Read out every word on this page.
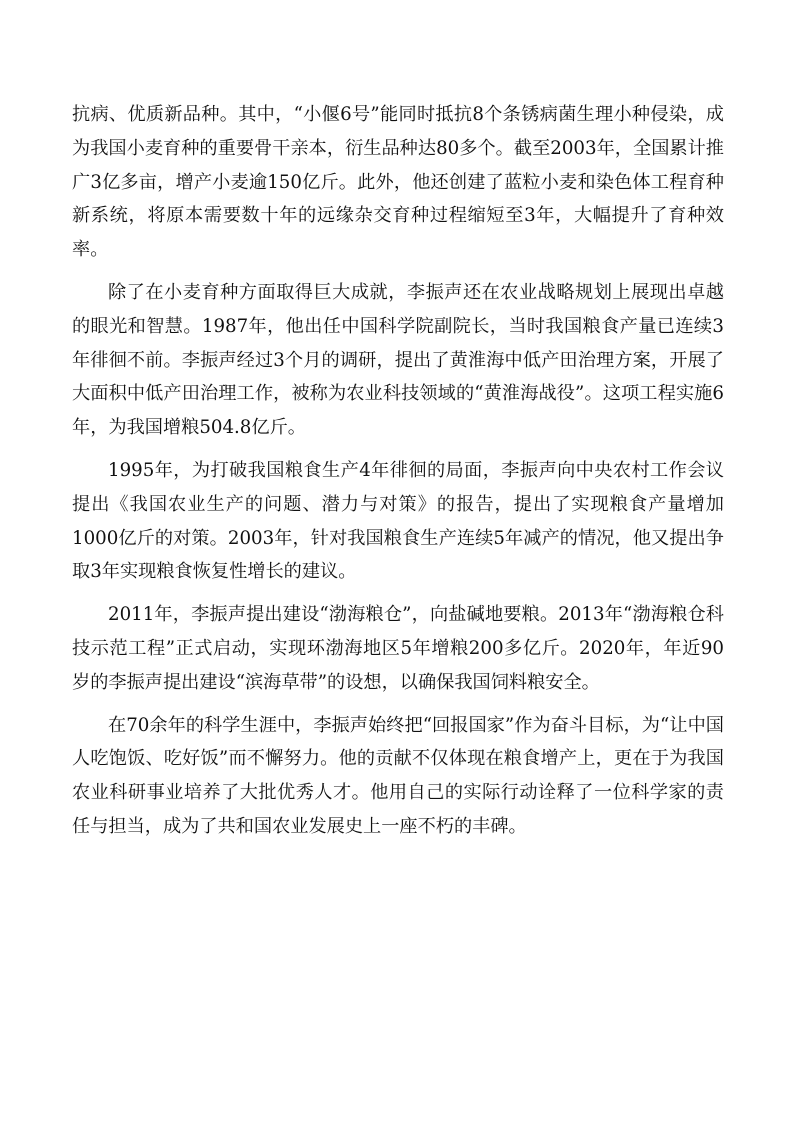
抗病、优质新品种。其中，“小偃6号”能同时抵抗8个条锈病菌生理小种侵染，成为我国小麦育种的重要骨干亲本，衍生品种达80多个。截至2003年，全国累计推广3亿多亩，增产小麦逾150亿斤。此外，他还创建了蓝粒小麦和染色体工程育种新系统，将原本需要数十年的远缘杂交育种过程缩短至3年，大幅提升了育种效率。

除了在小麦育种方面取得巨大成就，李振声还在农业战略规划上展现出卓越的眼光和智慧。1987年，他出任中国科学院副院长，当时我国粮食产量已连续3年徘徊不前。李振声经过3个月的调研，提出了黄淮海中低产田治理方案，开展了大面积中低产田治理工作，被称为农业科技领域的“黄淮海战役”。这项工程实施6年，为我国增粮504.8亿斤。

1995年，为打破我国粮食生产4年徘徊的局面，李振声向中央农村工作会议提出《我国农业生产的问题、潜力与对策》的报告，提出了实现粮食产量增加1000亿斤的对策。2003年，针对我国粮食生产连续5年减产的情况，他又提出争取3年实现粮食恢复性增长的建议。

2011年，李振声提出建设“渤海粮仓”，向盐碱地要粮。2013年“渤海粮仓科技示范工程”正式启动，实现环渤海地区5年增粮200多亿斤。2020年，年近90岁的李振声提出建设“滨海草带”的设想，以确保我国饲料粮安全。

在70余年的科学生涯中，李振声始终把“回报国家”作为奋斗目标，为“让中国人吃饱饭、吃好饭”而不懈努力。他的贡献不仅体现在粮食增产上，更在于为我国农业科研事业培养了大批优秀人才。他用自己的实际行动诠释了一位科学家的责任与担当，成为了共和国农业发展史上一座不朽的丰碑。
